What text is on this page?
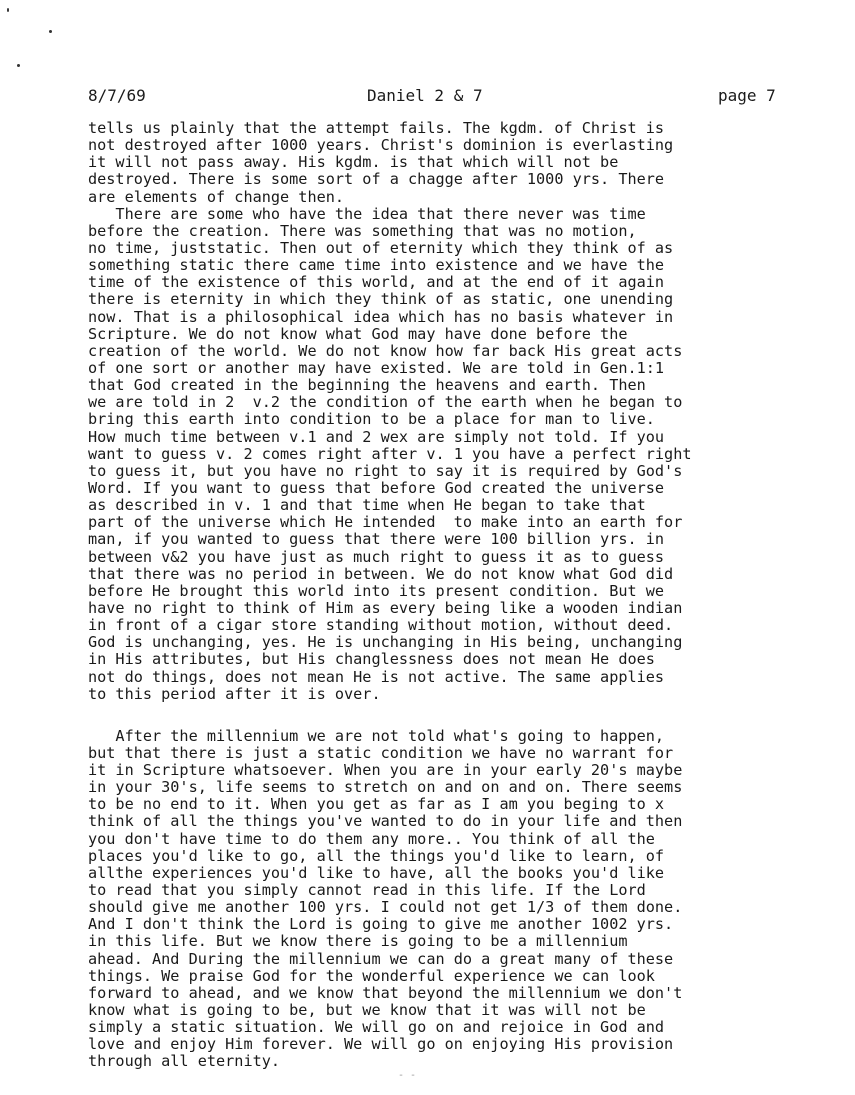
8/7/69	Daniel 2 & 7	page 7
tells us plainly that the attempt fails. The kgdm. of Christ is
not destroyed after 1000 years. Christ's dominion is everlasting
it will not pass away. His kgdm. is that which will not be
destroyed. There is some sort of a chagge after 1000 yrs. There
are elements of change then.
There are some who have the idea that there never was time
before the creation. There was something that was no motion,
no time, juststatic. Then out of eternity which they think of as
something static there came time into existence and we have the
time of the existence of this world, and at the end of it again
there is eternity in which they think of as static, one unending
now. That is a philosophical idea which has no basis whatever in
Scripture. We do not know what God may have done before the
creation of the world. We do not know how far back His great acts
of one sort or another may have existed. We are told in Gen.1:1
that God created in the beginning the heavens and earth. Then
we are told in 2  v.2 the condition of the earth when he began to
bring this earth into condition to be a place for man to live.
How much time between v.1 and 2 wex are simply not told. If you
want to guess v. 2 comes right after v. 1 you have a perfect right
to guess it, but you have no right to say it is required by God's
Word. If you want to guess that before God created the universe
as described in v. 1 and that time when He began to take that
part of the universe which He intended  to make into an earth for
man, if you wanted to guess that there were 100 billion yrs. in
between v&2 you have just as much right to guess it as to guess
that there was no period in between. We do not know what God did
before He brought this world into its present condition. But we
have no right to think of Him as every being like a wooden indian
in front of a cigar store standing without motion, without deed.
God is unchanging, yes. He is unchanging in His being, unchanging
in His attributes, but His changlessness does not mean He does
not do things, does not mean He is not active. The same applies
to this period after it is over.
After the millennium we are not told what's going to happen,
but that there is just a static condition we have no warrant for
it in Scripture whatsoever. When you are in your early 20's maybe
in your 30's, life seems to stretch on and on and on. There seems
to be no end to it. When you get as far as I am you beging to x
think of all the things you've wanted to do in your life and then
you don't have time to do them any more.. You think of all the
places you'd like to go, all the things you'd like to learn, of
allthe experiences you'd like to have, all the books you'd like
to read that you simply cannot read in this life. If the Lord
should give me another 100 yrs. I could not get 1/3 of them done.
And I don't think the Lord is going to give me another 1002 yrs.
in this life. But we know there is going to be a millennium
ahead. And During the millennium we can do a great many of these
things. We praise God for the wonderful experience we can look
forward to ahead, and we know that beyond the millennium we don't
know what is going to be, but we know that it was will not be
simply a static situation. We will go on and rejoice in God and
love and enjoy Him forever. We will go on enjoying His provision
through all eternity.
- -
